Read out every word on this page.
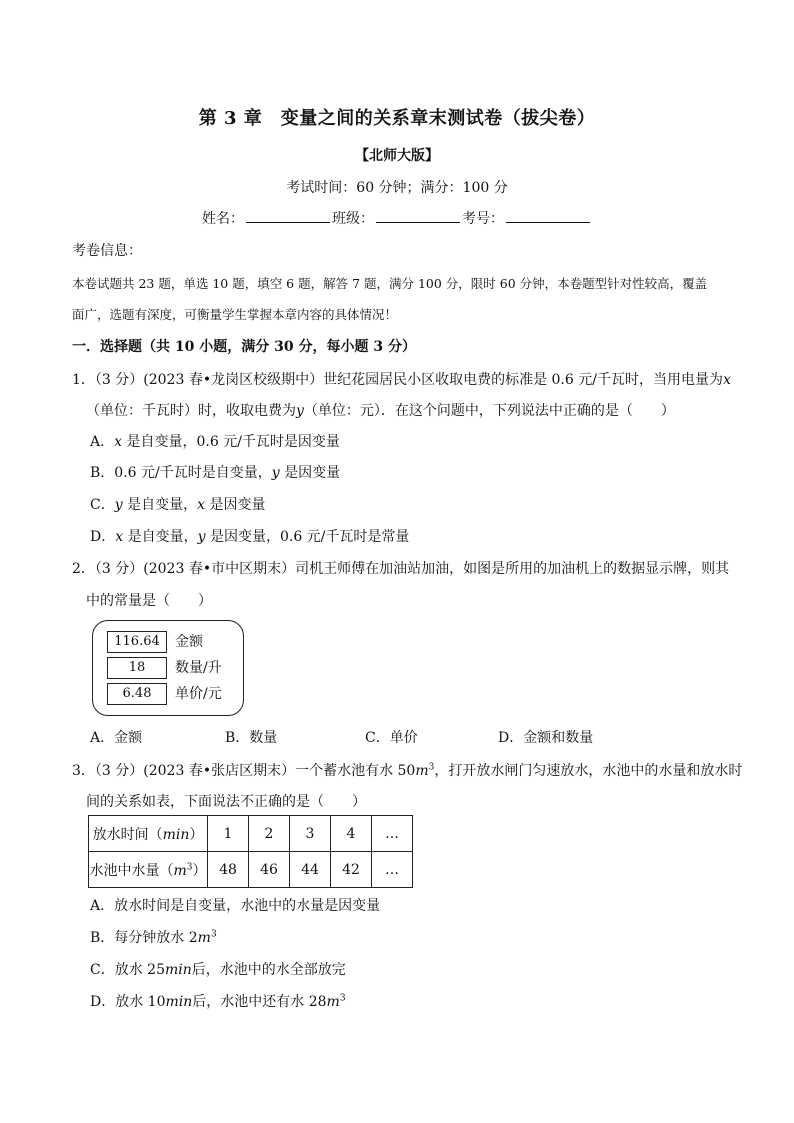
第 3 章　变量之间的关系章末测试卷（拔尖卷）
【北师大版】
考试时间：60 分钟；满分：100 分
姓名：	班级：	考号：
考卷信息：
本卷试题共 23 题，单选 10 题，填空 6 题，解答 7 题，满分 100 分，限时 60 分钟，本卷题型针对性较高，覆盖
面广，选题有深度，可衡量学生掌握本章内容的具体情况！
一．选择题（共 10 小题，满分 30 分，每小题 3 分）
1．（3 分）(2023 春•龙岗区校级期中）世纪花园居民小区收取电费的标准是 0.6 元/千瓦时，当用电量为x
（单位：千瓦时）时，收取电费为y（单位：元）．在这个问题中，下列说法中正确的是（　　）
A．x 是自变量，0.6 元/千瓦时是因变量
B．0.6 元/千瓦时是自变量，y 是因变量
C．y 是自变量，x 是因变量
D．x 是自变量，y 是因变量，0.6 元/千瓦时是常量
2．（3 分）(2023 春•市中区期末）司机王师傅在加油站加油，如图是所用的加油机上的数据显示牌，则其
中的常量是（　　）
116.64	金额
18	数量/升
6.48	单价/元
A．金额	B．数量	C．单价	D．金额和数量
3．（3 分）(2023 春•张店区期末）一个蓄水池有水 $50m^3$，打开放水闸门匀速放水，水池中的水量和放水时
间的关系如表，下面说法不正确的是（　　）
放水时间（min）	1	2	3	4	…
水池中水量$(m^3)$	48	46	44	42	…
A．放水时间是自变量，水池中的水量是因变量
B．每分钟放水 $2m^3$
C．放水 25min后，水池中的水全部放完
D．放水 10min后，水池中还有水 $28m^3$
